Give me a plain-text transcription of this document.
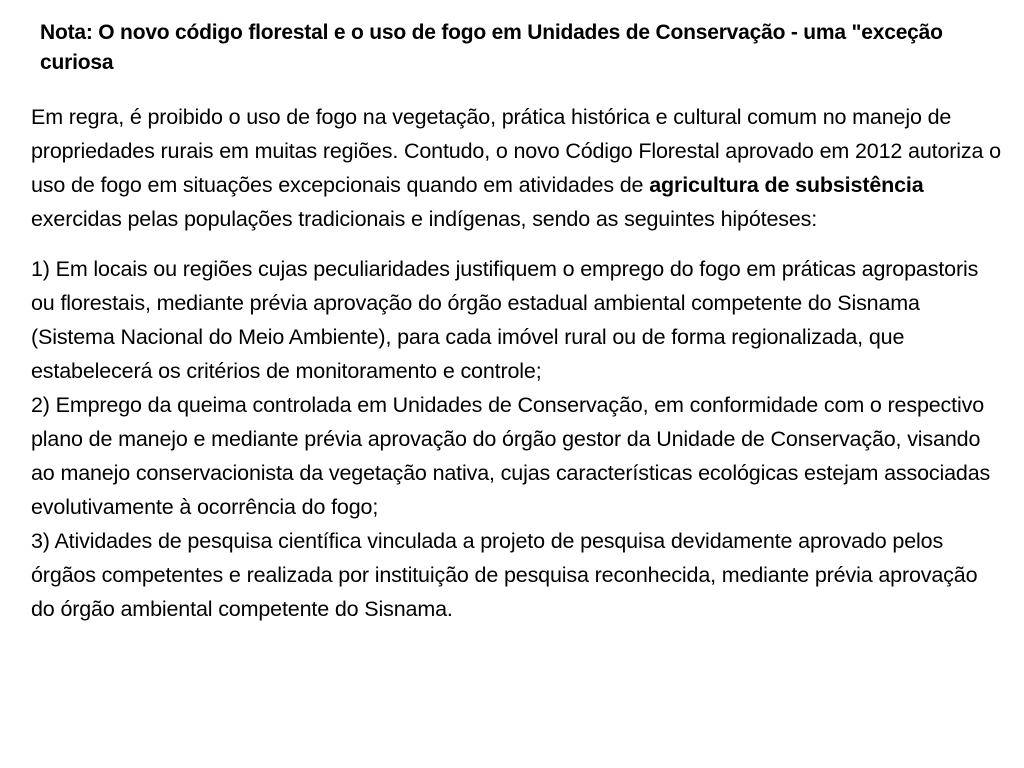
Nota: O novo código florestal e o uso de fogo em Unidades de Conservação - uma "exceção curiosa

Em regra, é proibido o uso de fogo na vegetação, prática histórica e cultural comum no manejo de propriedades rurais em muitas regiões. Contudo, o novo Código Florestal aprovado em 2012 autoriza o uso de fogo em situações excepcionais quando em atividades de agricultura de subsistência exercidas pelas populações tradicionais e indígenas, sendo as seguintes hipóteses:

1) Em locais ou regiões cujas peculiaridades justifiquem o emprego do fogo em práticas agropastoris ou florestais, mediante prévia aprovação do órgão estadual ambiental competente do Sisnama (Sistema Nacional do Meio Ambiente), para cada imóvel rural ou de forma regionalizada, que estabelecerá os critérios de monitoramento e controle;

2) Emprego da queima controlada em Unidades de Conservação, em conformidade com o respectivo plano de manejo e mediante prévia aprovação do órgão gestor da Unidade de Conservação, visando ao manejo conservacionista da vegetação nativa, cujas características ecológicas estejam associadas evolutivamente à ocorrência do fogo;

3) Atividades de pesquisa científica vinculada a projeto de pesquisa devidamente aprovado pelos órgãos competentes e realizada por instituição de pesquisa reconhecida, mediante prévia aprovação do órgão ambiental competente do Sisnama.
